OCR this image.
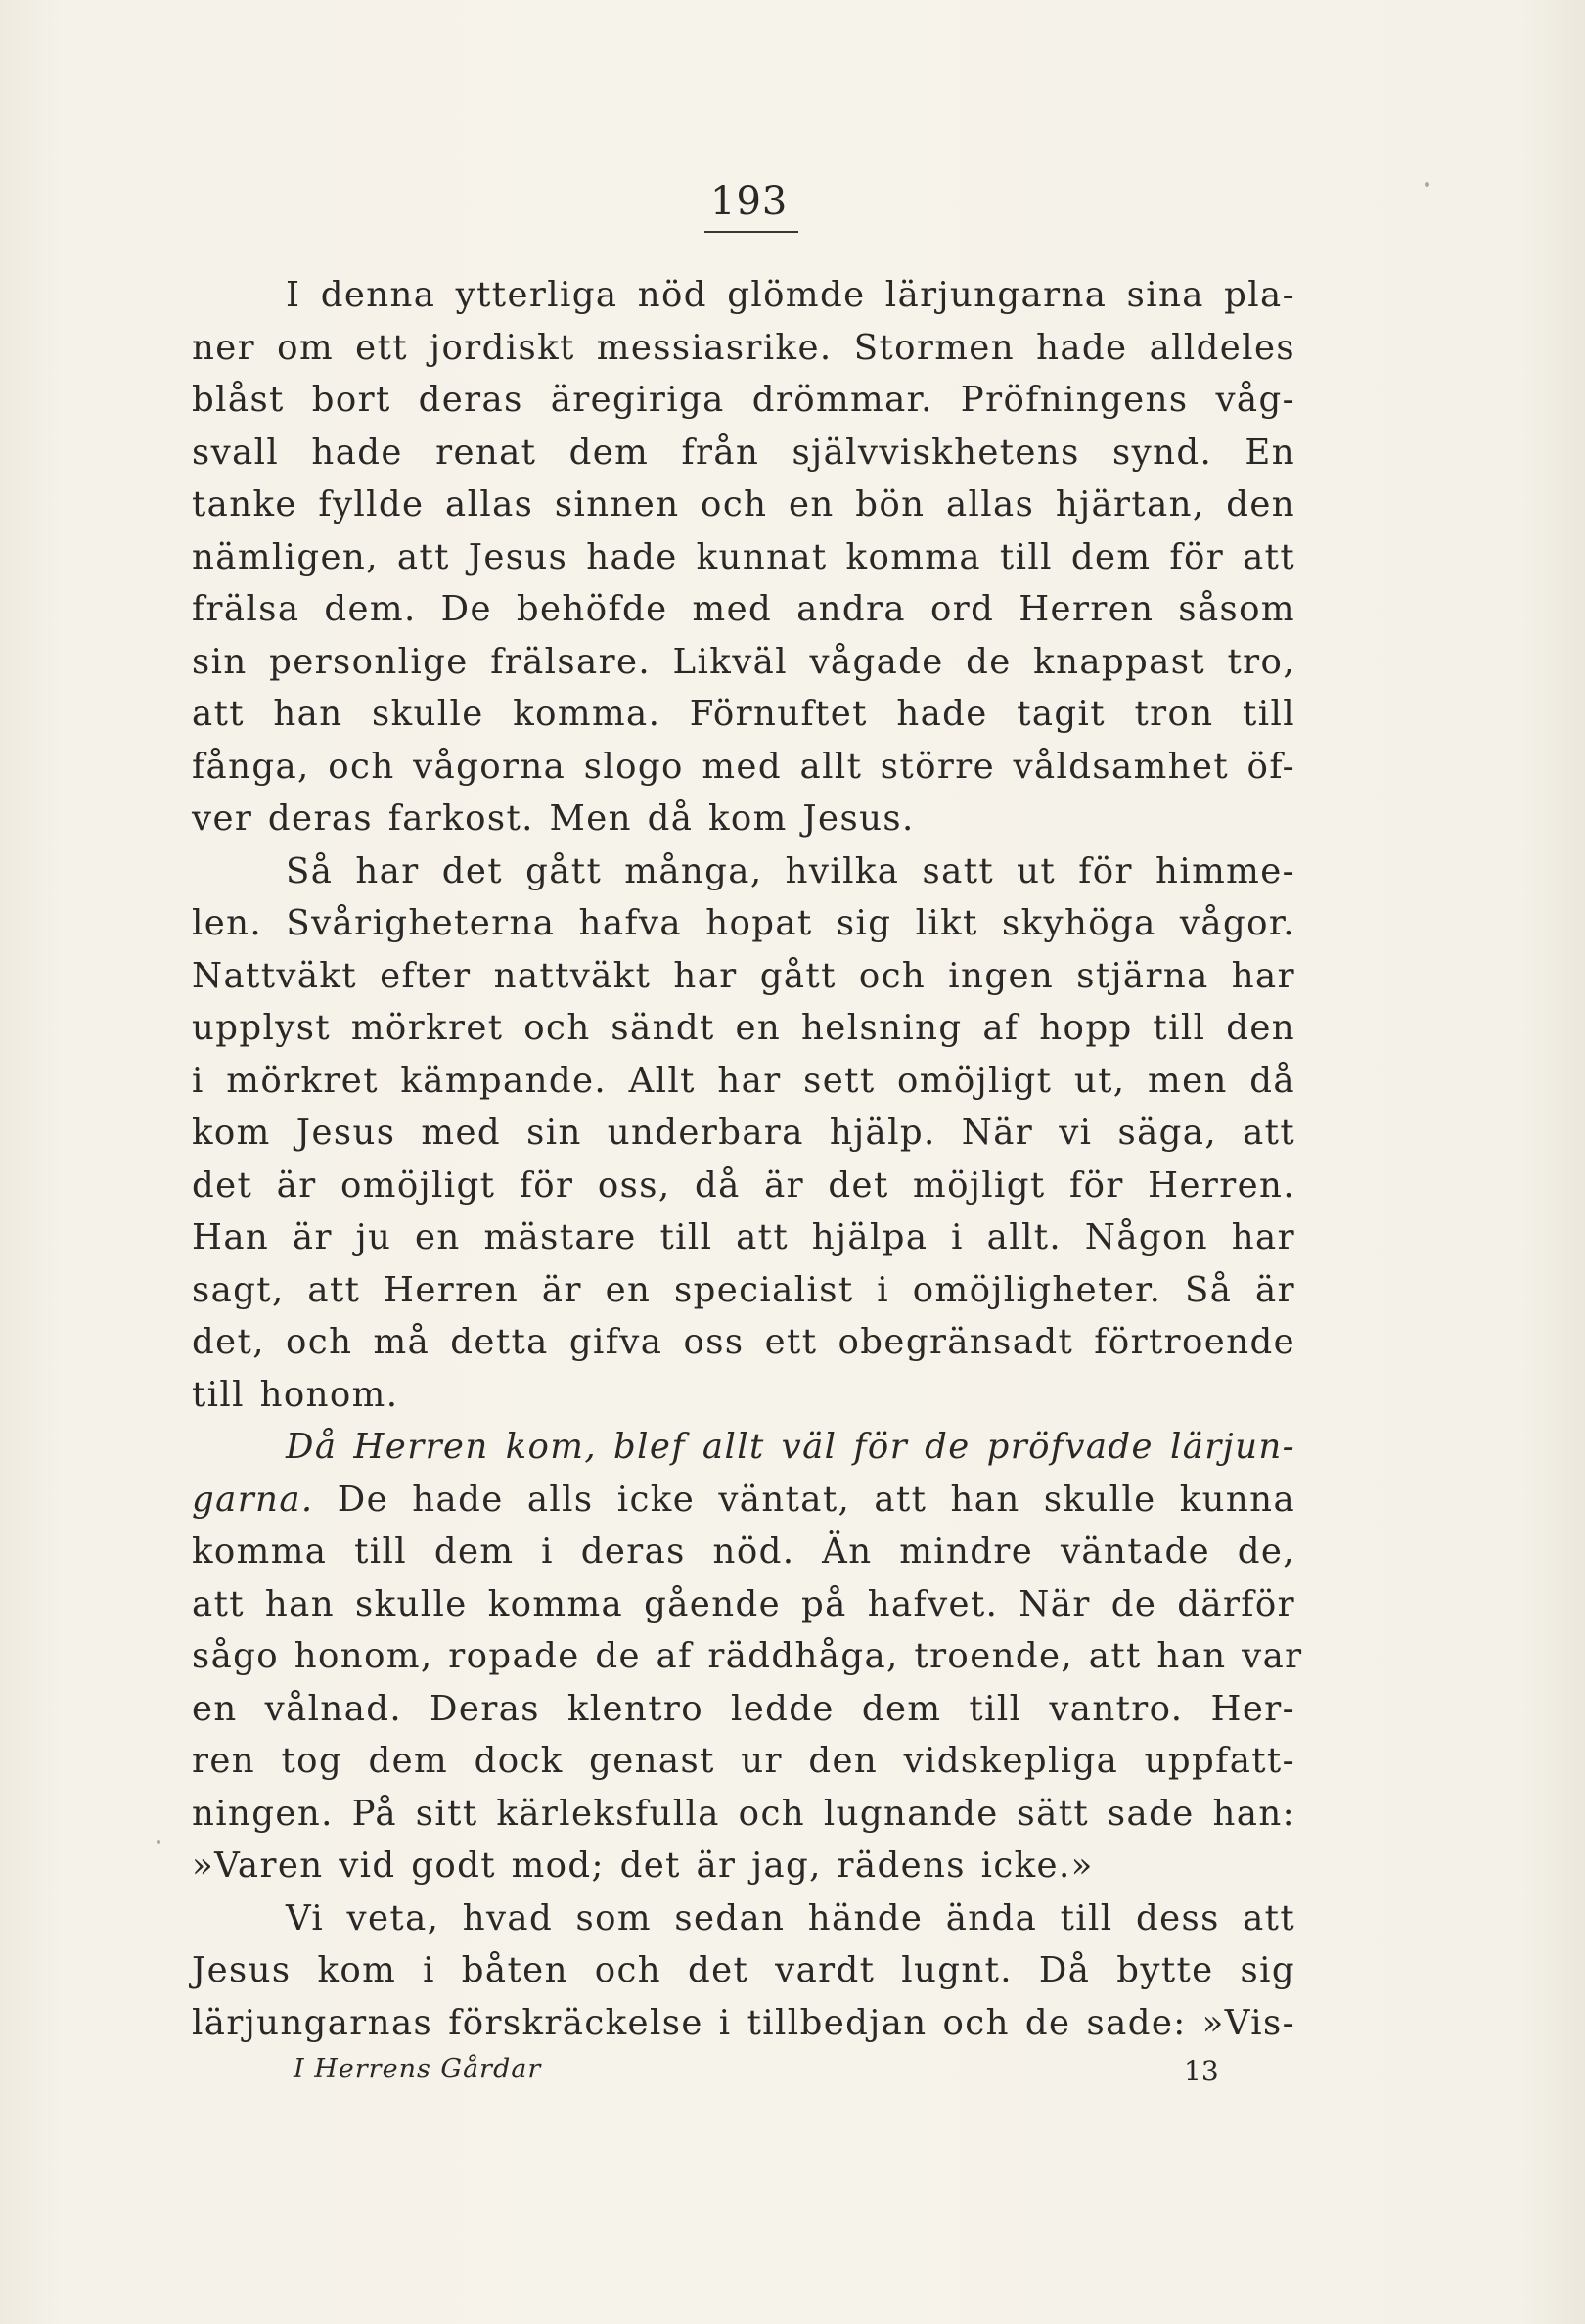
193
I denna ytterliga nöd glömde lärjungarna sina pla-
ner om ett jordiskt messiasrike. Stormen hade alldeles
blåst bort deras äregiriga drömmar. Pröfningens våg-
svall hade renat dem från självviskhetens synd. En
tanke fyllde allas sinnen och en bön allas hjärtan, den
nämligen, att Jesus hade kunnat komma till dem för att
frälsa dem. De behöfde med andra ord Herren såsom
sin personlige frälsare. Likväl vågade de knappast tro,
att han skulle komma. Förnuftet hade tagit tron till
fånga, och vågorna slogo med allt större våldsamhet öf-
ver deras farkost. Men då kom Jesus.
Så har det gått många, hvilka satt ut för himme-
len. Svårigheterna hafva hopat sig likt skyhöga vågor.
Nattväkt efter nattväkt har gått och ingen stjärna har
upplyst mörkret och sändt en helsning af hopp till den
i mörkret kämpande. Allt har sett omöjligt ut, men då
kom Jesus med sin underbara hjälp. När vi säga, att
det är omöjligt för oss, då är det möjligt för Herren.
Han är ju en mästare till att hjälpa i allt. Någon har
sagt, att Herren är en specialist i omöjligheter. Så är
det, och må detta gifva oss ett obegränsadt förtroende
till honom.
Då Herren kom, blef allt väl för de pröfvade lärjun-
garna. De hade alls icke väntat, att han skulle kunna
komma till dem i deras nöd. Än mindre väntade de,
att han skulle komma gående på hafvet. När de därför
sågo honom, ropade de af räddhåga, troende, att han var
en vålnad. Deras klentro ledde dem till vantro. Her-
ren tog dem dock genast ur den vidskepliga uppfatt-
ningen. På sitt kärleksfulla och lugnande sätt sade han:
»Varen vid godt mod; det är jag, rädens icke.»
Vi veta, hvad som sedan hände ända till dess att
Jesus kom i båten och det vardt lugnt. Då bytte sig
lärjungarnas förskräckelse i tillbedjan och de sade: »Vis-
I Herrens Gårdar	13
